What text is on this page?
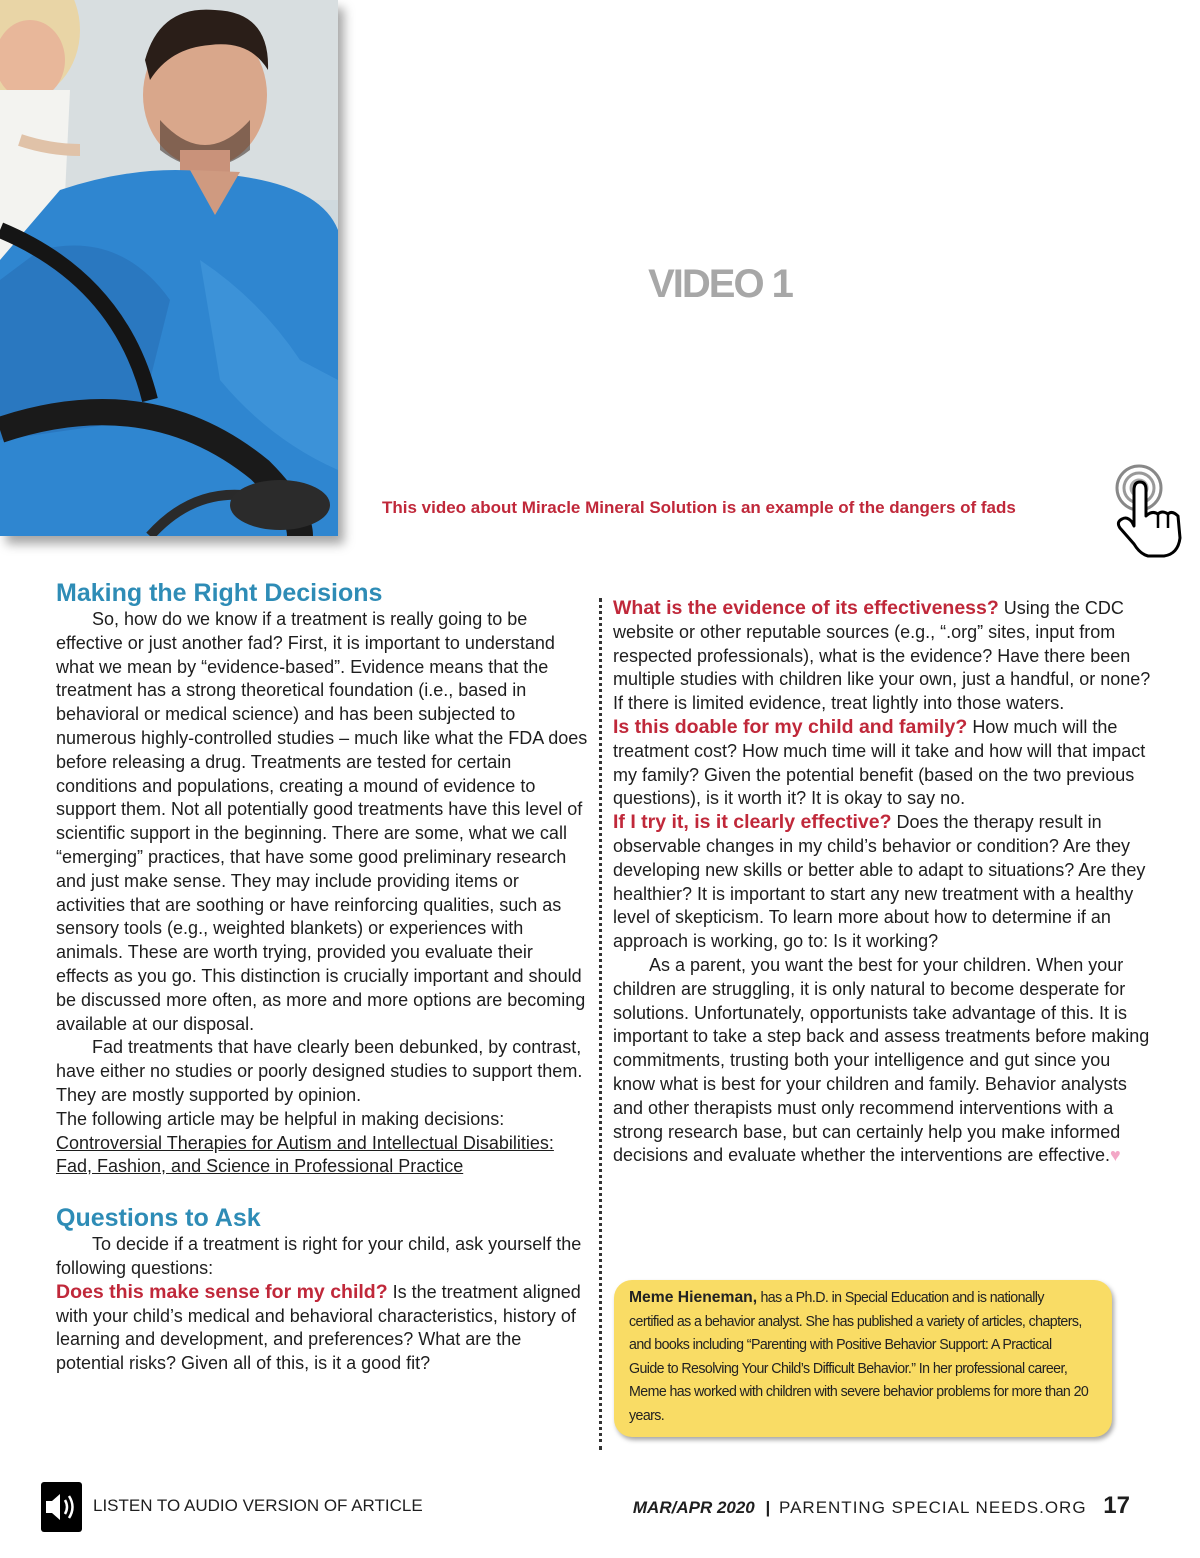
VIDEO 1
This video about Miracle Mineral Solution is an example of the dangers of fads
Making the Right Decisions

So, how do we know if a treatment is really going to be effective or just another fad? First, it is important to understand what we mean by “evidence-based”. Evidence means that the treatment has a strong theoretical foundation (i.e., based in behavioral or medical science) and has been subjected to numerous highly-controlled studies – much like what the FDA does before releasing a drug. Treatments are tested for certain conditions and populations, creating a mound of evidence to support them. Not all potentially good treatments have this level of scientific support in the beginning. There are some, what we call “emerging” practices, that have some good preliminary research and just make sense. They may include providing items or activities that are soothing or have reinforcing qualities, such as sensory tools (e.g., weighted blankets) or experiences with animals. These are worth trying, provided you evaluate their effects as you go. This distinction is crucially important and should be discussed more often, as more and more options are becoming available at our disposal.

Fad treatments that have clearly been debunked, by contrast, have either no studies or poorly designed studies to support them. They are mostly supported by opinion.

The following article may be helpful in making decisions:

Controversial Therapies for Autism and Intellectual Disabilities: Fad, Fashion, and Science in Professional Practice

Questions to Ask

To decide if a treatment is right for your child, ask yourself the following questions:

Does this make sense for my child? Is the treatment aligned with your child’s medical and behavioral characteristics, history of learning and development, and preferences? What are the potential risks? Given all of this, is it a good fit?

What is the evidence of its effectiveness? Using the CDC website or other reputable sources (e.g., “.org” sites, input from respected professionals), what is the evidence? Have there been multiple studies with children like your own, just a handful, or none? If there is limited evidence, treat lightly into those waters.

Is this doable for my child and family? How much will the treatment cost? How much time will it take and how will that impact my family? Given the potential benefit (based on the two previous questions), is it worth it? It is okay to say no.

If I try it, is it clearly effective? Does the therapy result in observable changes in my child’s behavior or condition? Are they developing new skills or better able to adapt to situations? Are they healthier? It is important to start any new treatment with a healthy level of skepticism. To learn more about how to determine if an approach is working, go to: Is it working?

As a parent, you want the best for your children. When your children are struggling, it is only natural to become desperate for solutions. Unfortunately, opportunists take advantage of this. It is important to take a step back and assess treatments before making commitments, trusting both your intelligence and gut since you know what is best for your children and family. Behavior analysts and other therapists must only recommend interventions with a strong research base, but can certainly help you make informed decisions and evaluate whether the interventions are effective.♥

Meme Hieneman, has a Ph.D. in Special Education and is nationally certified as a behavior analyst. She has published a variety of articles, chapters, and books including “Parenting with Positive Behavior Support: A Practical Guide to Resolving Your Child’s Difficult Behavior.” In her professional career, Meme has worked with children with severe behavior problems for more than 20 years.

LISTEN TO AUDIO VERSION OF ARTICLE	MAR/APR 2020 | PARENTING SPECIAL NEEDS.ORG 17
